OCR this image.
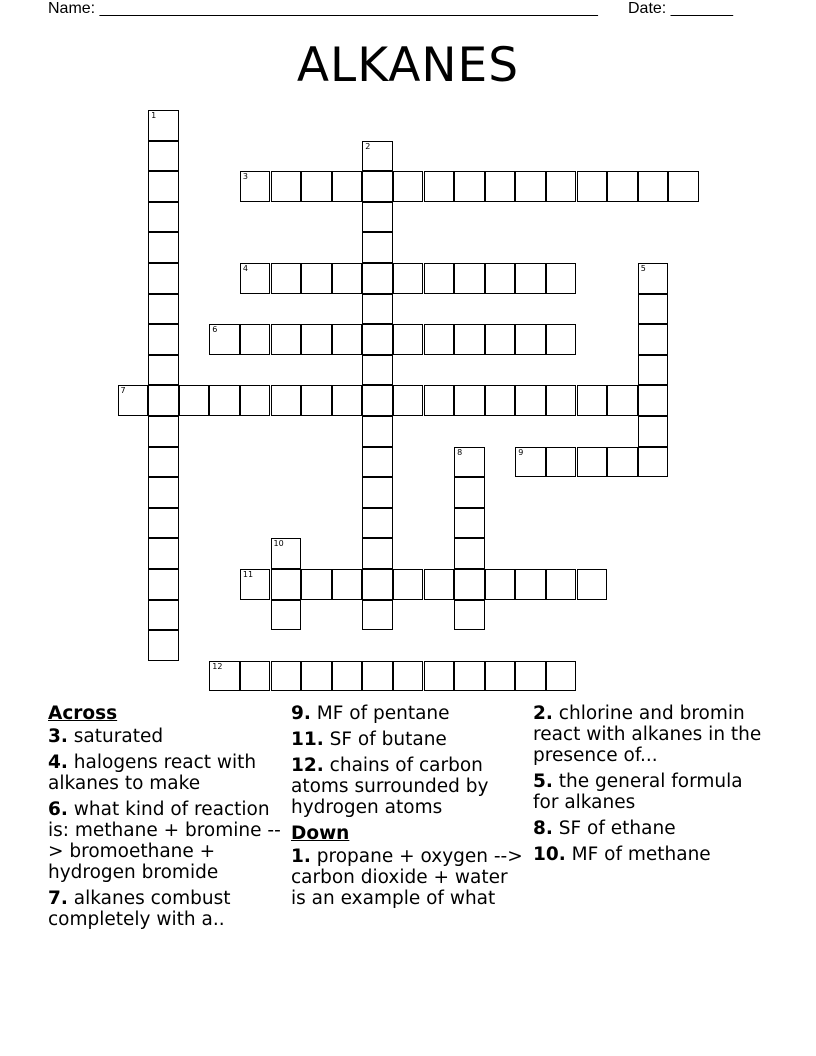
Name: ________________________________________________________ Date: _______
ALKANES
1
2
3
4	5
6
7
8	9
10
11
12
Across
3. saturated
4. halogens react with alkanes to make
6. what kind of reaction is: methane + bromine --> bromoethane + hydrogen bromide
7. alkanes combust completely with a..
9. MF of pentane
11. SF of butane
12. chains of carbon atoms surrounded by hydrogen atoms
Down
1. propane + oxygen --> carbon dioxide + water is an example of what
2. chlorine and bromin react with alkanes in the presence of...
5. the general formula for alkanes
8. SF of ethane
10. MF of methane
